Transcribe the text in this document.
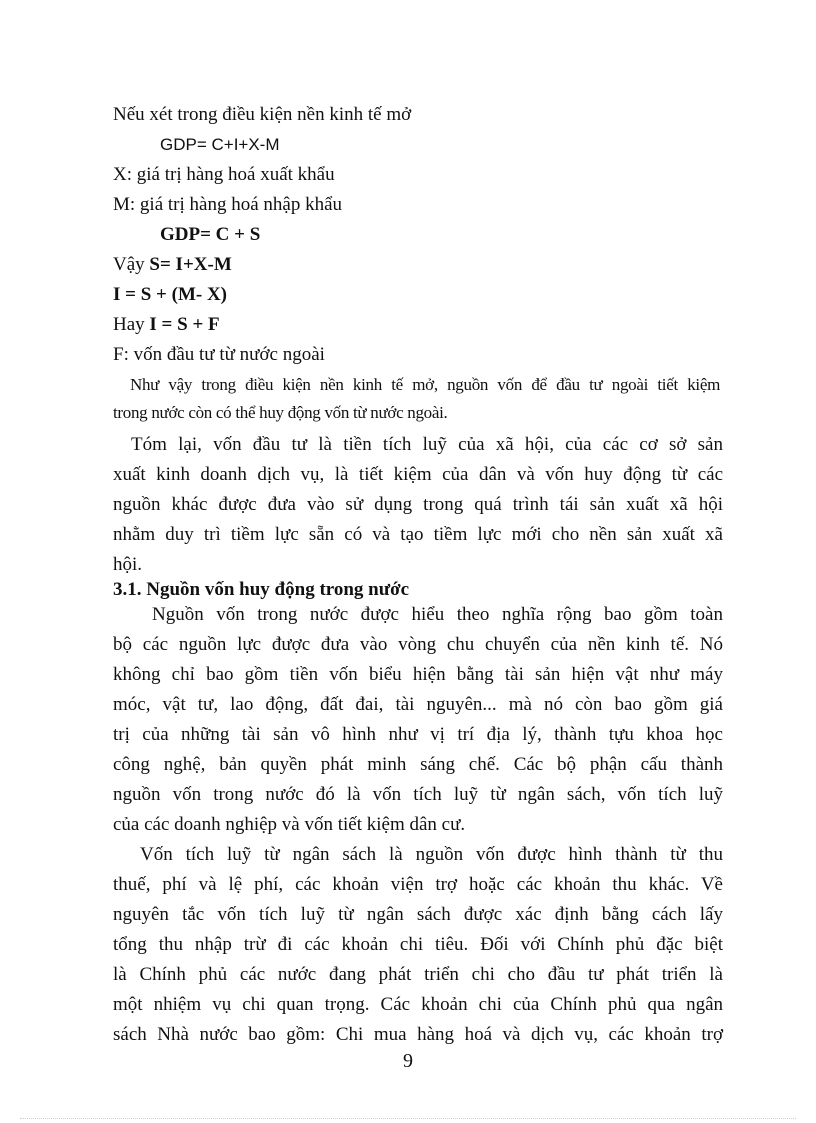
Nếu xét trong điều kiện nền kinh tế mở
GDP= C+I+X-M
X: giá trị hàng hoá xuất khẩu
M: giá trị hàng hoá nhập khẩu
GDP= C + S
Vậy S= I+X-M
I = S + (M- X)
Hay I = S + F
F: vốn đầu tư từ nước ngoài
Như vậy trong điều kiện nền kinh tế mở, nguồn vốn để đầu tư ngoài tiết kiệm
trong nước còn có thể huy động vốn từ nước ngoài.
Tóm lại, vốn đầu tư là tiền tích luỹ của xã hội, của các cơ sở sản
xuất kinh doanh dịch vụ, là tiết kiệm của dân và vốn huy động từ các
nguồn khác được đưa vào sử dụng trong quá trình tái sản xuất xã hội
nhằm duy trì tiềm lực sẵn có và tạo tiềm lực mới cho nền sản xuất xã
hội.
3.1. Nguồn vốn huy động trong nước
Nguồn vốn trong nước được hiểu theo nghĩa rộng bao gồm toàn
bộ các nguồn lực được đưa vào vòng chu chuyển của nền kinh tế. Nó
không chỉ bao gồm tiền vốn biểu hiện bằng tài sản hiện vật như máy
móc, vật tư, lao động, đất đai, tài nguyên... mà nó còn bao gồm giá
trị của những tài sản vô hình như vị trí địa lý, thành tựu khoa học
công nghệ, bản quyền phát minh sáng chế. Các bộ phận cấu thành
nguồn vốn trong nước đó là vốn tích luỹ từ ngân sách, vốn tích luỹ
của các doanh nghiệp và vốn tiết kiệm dân cư.
Vốn tích luỹ từ ngân sách là nguồn vốn được hình thành từ thu
thuế, phí và lệ phí, các khoản viện trợ hoặc các khoản thu khác. Về
nguyên tắc vốn tích luỹ từ ngân sách được xác định bằng cách lấy
tổng thu nhập trừ đi các khoản chi tiêu. Đối với Chính phủ đặc biệt
là Chính phủ các nước đang phát triển chi cho đầu tư phát triển là
một nhiệm vụ chi quan trọng. Các khoản chi của Chính phủ qua ngân
sách Nhà nước bao gồm: Chi mua hàng hoá và dịch vụ, các khoản trợ
9
